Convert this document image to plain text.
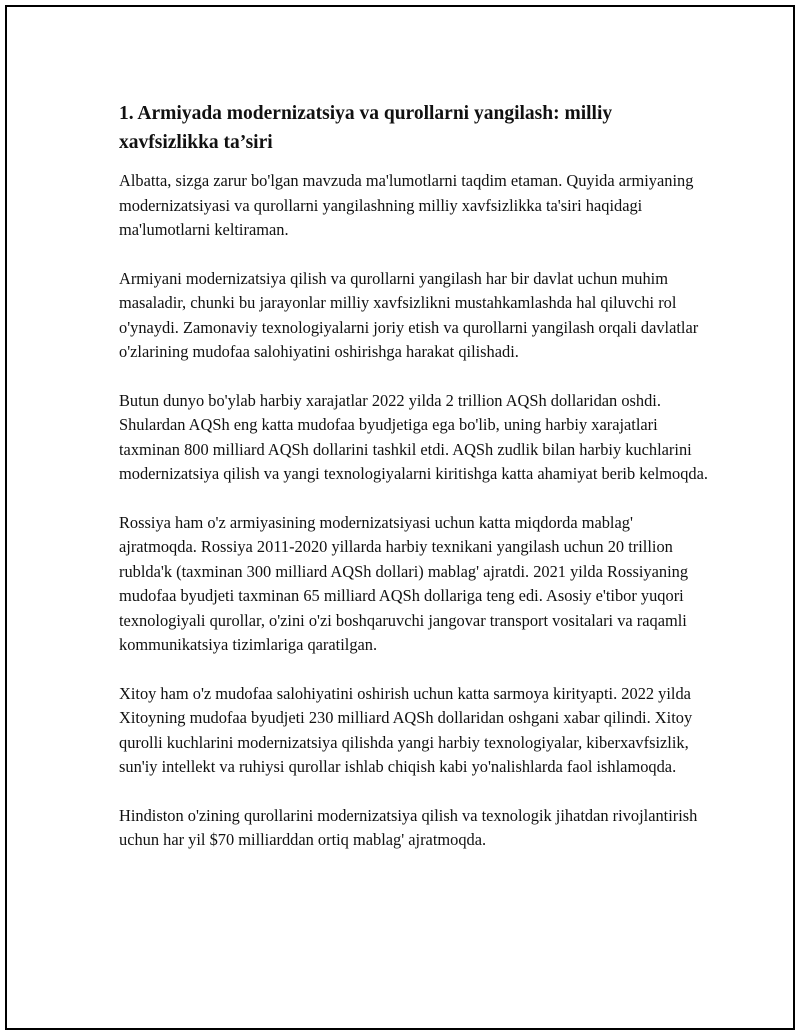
1. Armiyada modernizatsiya va qurollarni yangilash: milliy xavfsizlikka ta’siri

Albatta, sizga zarur bo'lgan mavzuda ma'lumotlarni taqdim etaman. Quyida armiyaning modernizatsiyasi va qurollarni yangilashning milliy xavfsizlikka ta'siri haqidagi ma'lumotlarni keltiraman.

Armiyani modernizatsiya qilish va qurollarni yangilash har bir davlat uchun muhim masaladir, chunki bu jarayonlar milliy xavfsizlikni mustahkamlashda hal qiluvchi rol o'ynaydi. Zamonaviy texnologiyalarni joriy etish va qurollarni yangilash orqali davlatlar o'zlarining mudofaa salohiyatini oshirishga harakat qilishadi.

Butun dunyo bo'ylab harbiy xarajatlar 2022 yilda 2 trillion AQSh dollaridan oshdi. Shulardan AQSh eng katta mudofaa byudjetiga ega bo'lib, uning harbiy xarajatlari taxminan 800 milliard AQSh dollarini tashkil etdi. AQSh zudlik bilan harbiy kuchlarini modernizatsiya qilish va yangi texnologiyalarni kiritishga katta ahamiyat berib kelmoqda.

Rossiya ham o'z armiyasining modernizatsiyasi uchun katta miqdorda mablag' ajratmoqda. Rossiya 2011-2020 yillarda harbiy texnikani yangilash uchun 20 trillion rublda'k (taxminan 300 milliard AQSh dollari) mablag' ajratdi. 2021 yilda Rossiyaning mudofaa byudjeti taxminan 65 milliard AQSh dollariga teng edi. Asosiy e'tibor yuqori texnologiyali qurollar, o'zini o'zi boshqaruvchi jangovar transport vositalari va raqamli kommunikatsiya tizimlariga qaratilgan.

Xitoy ham o'z mudofaa salohiyatini oshirish uchun katta sarmoya kirityapti. 2022 yilda Xitoyning mudofaa byudjeti 230 milliard AQSh dollaridan oshgani xabar qilindi. Xitoy qurolli kuchlarini modernizatsiya qilishda yangi harbiy texnologiyalar, kiberxavfsizlik, sun'iy intellekt va ruhiysi qurollar ishlab chiqish kabi yo'nalishlarda faol ishlamoqda.

Hindiston o'zining qurollarini modernizatsiya qilish va texnologik jihatdan rivojlantirish uchun har yil $70 milliarddan ortiq mablag' ajratmoqda.
